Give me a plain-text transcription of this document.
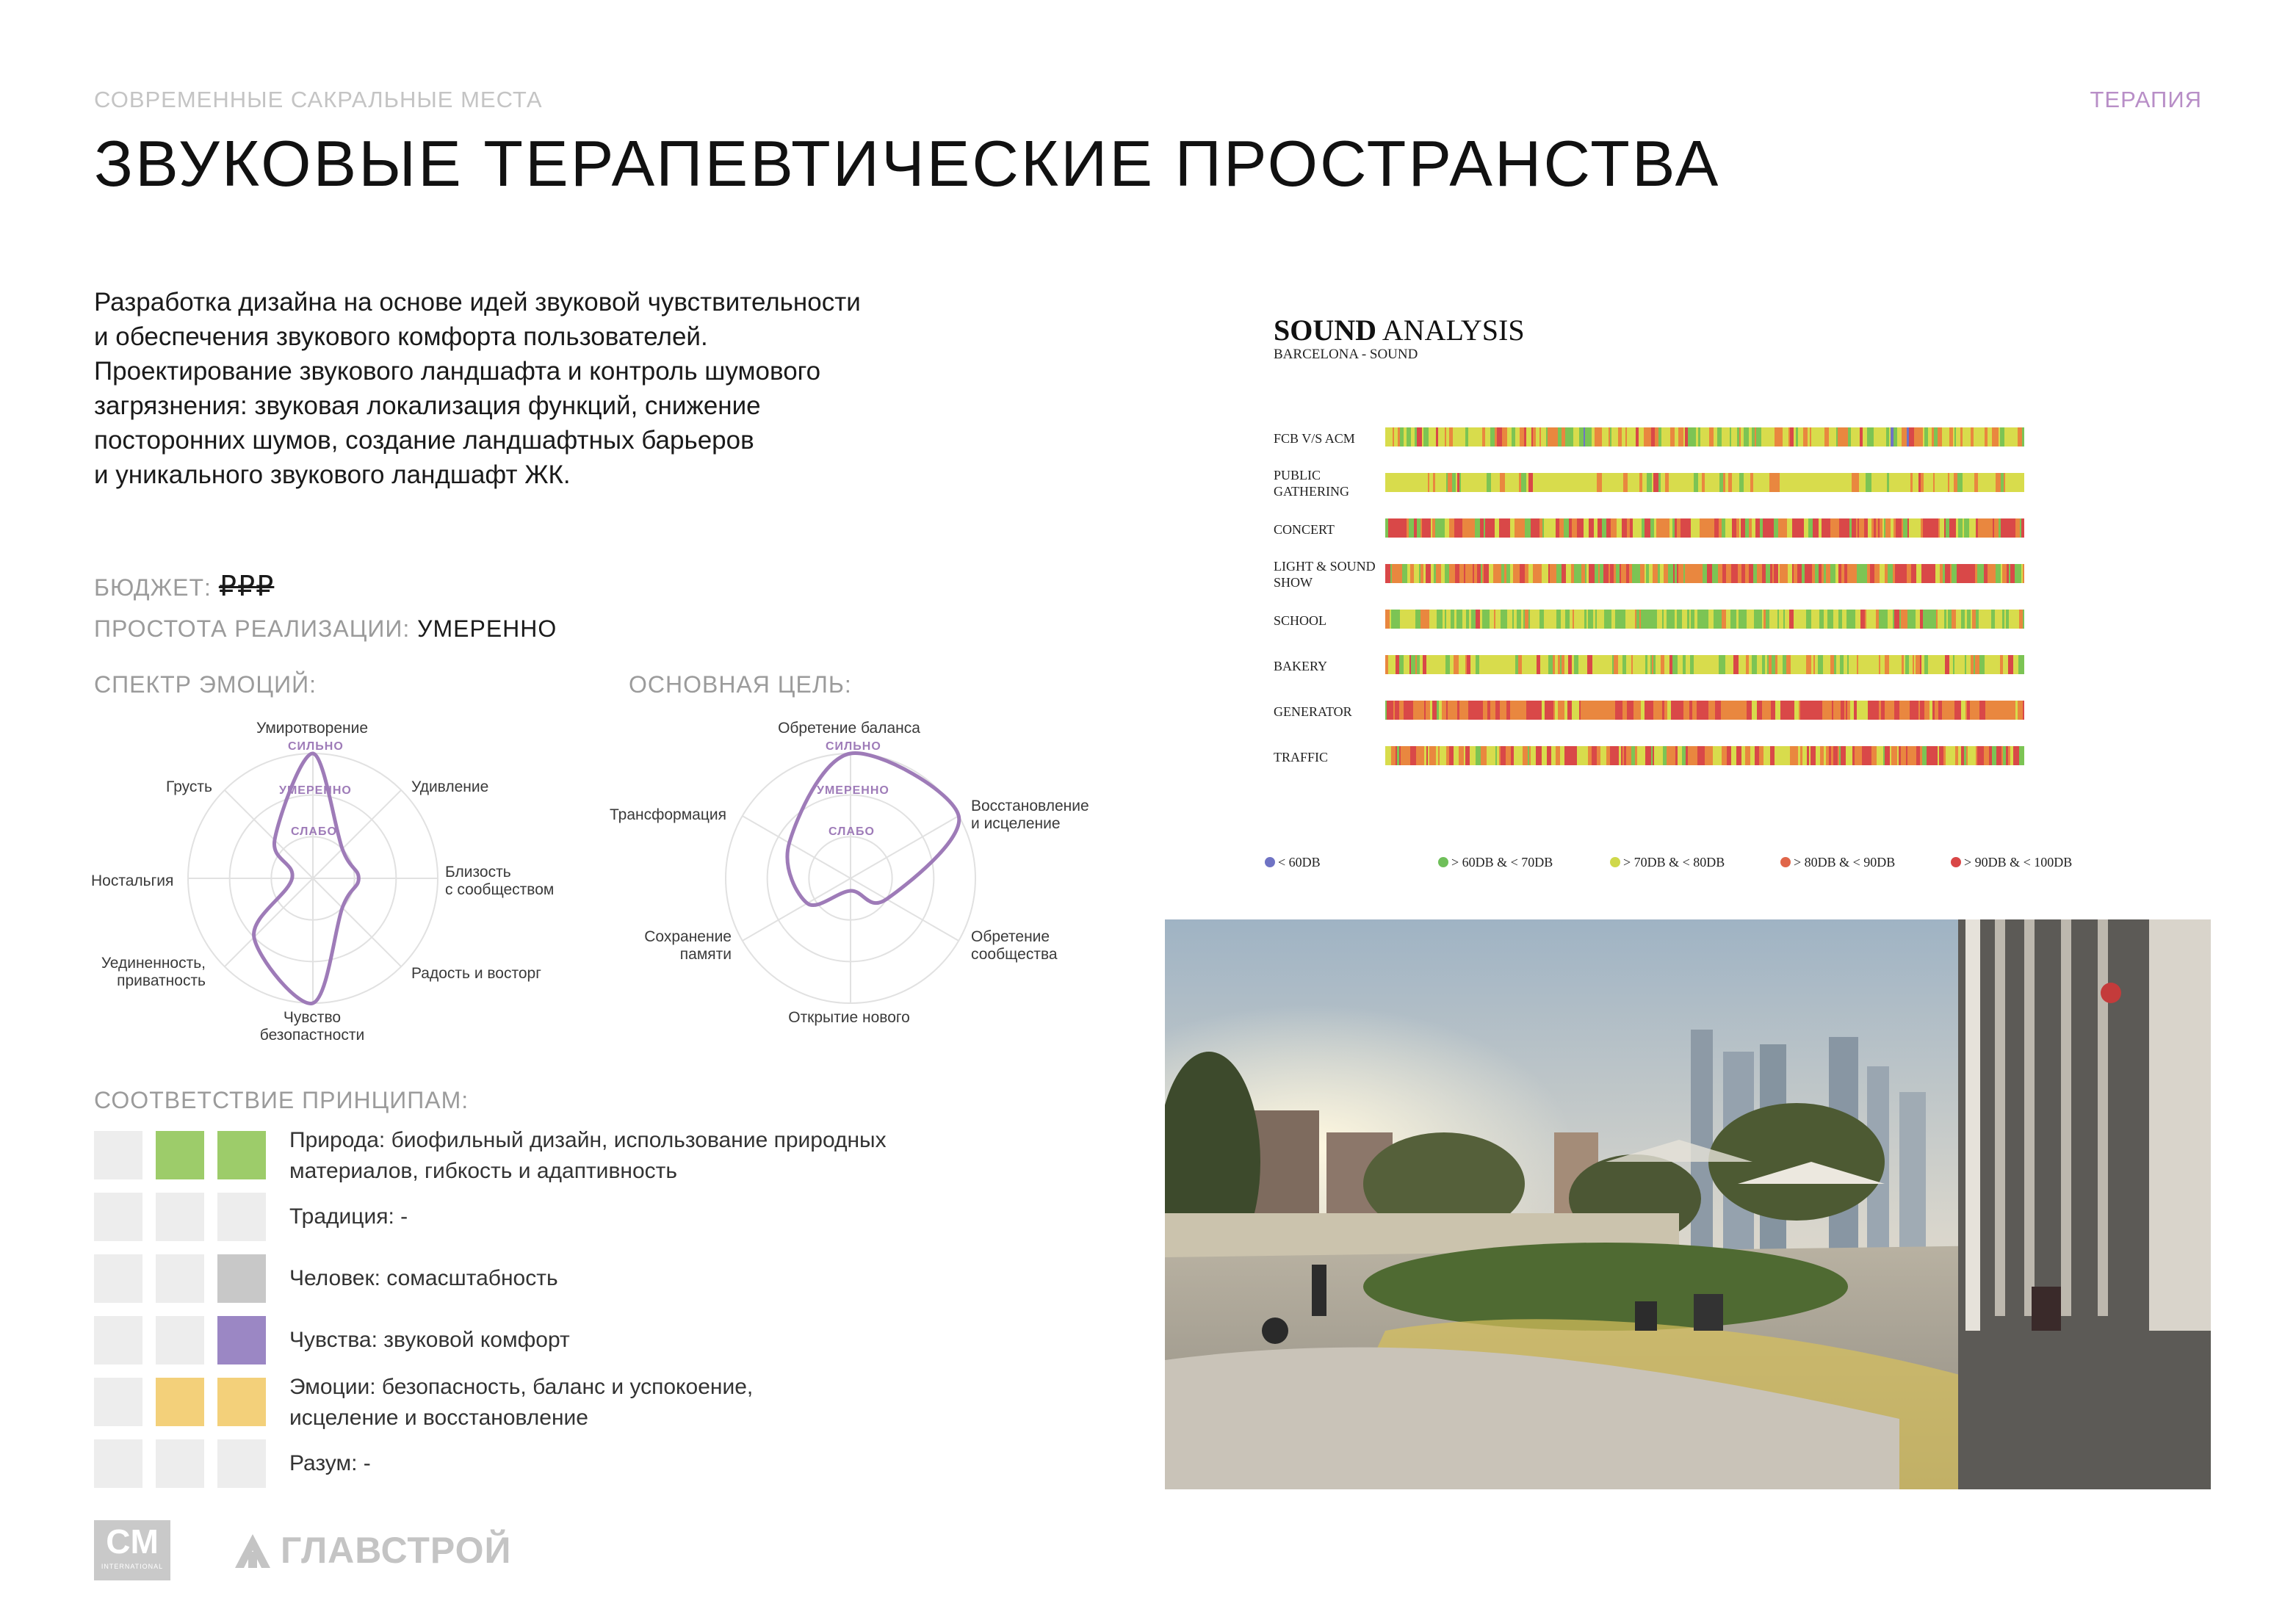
СОВРЕМЕННЫЕ САКРАЛЬНЫЕ МЕСТА	ТЕРАПИЯ
ЗВУКОВЫЕ ТЕРАПЕВТИЧЕСКИЕ ПРОСТРАНСТВА
Разработка дизайна на основе идей звуковой чувствительности
и обеспечения звукового комфорта пользователей.
Проектирование звукового ландшафта и контроль шумового
загрязнения: звуковая локализация функций, снижение
посторонних шумов, создание ландшафтных барьеров
и уникального звукового ландшафт ЖК.
БЮДЖЕТ: ₽₽₽
ПРОСТОТА РЕАЛИЗАЦИИ: УМЕРЕННО
СПЕКТР ЭМОЦИЙ:	ОСНОВНАЯ ЦЕЛЬ:
Умиротворение
Удивление
Близость
с сообществом
Радость и восторг
Чувство
безопастности
Уединенность,
приватность
Ностальгия
Грусть
СИЛЬНО
УМЕРЕННО
СЛАБО
Обретение баланса
Восстановление
и исцеление
Обретение
сообщества
Открытие нового
Сохранение
памяти
Трансформация
СИЛЬНО
УМЕРЕННО
СЛАБО
СООТВЕТСТВИЕ ПРИНЦИПАМ:
Природа: биофильный дизайн, использование природных
материалов, гибкость и адаптивность
Традиция: -
Человек: сомасштабность
Чувства: звуковой комфорт
Эмоции: безопасность, баланс и успокоение,
исцеление и восстановление
Разум: -
SOUND ANALYSIS
BARCELONA - SOUND
FCB V/S ACM
PUBLIC
GATHERING
CONCERT
LIGHT & SOUND
SHOW
SCHOOL
BAKERY
GENERATOR
TRAFFIC
< 60DB	> 60DB & < 70DB	> 70DB & < 80DB	> 80DB & < 90DB	> 90DB & < 100DB
CM
INTERNATIONAL	ГЛАВСТРОЙ
